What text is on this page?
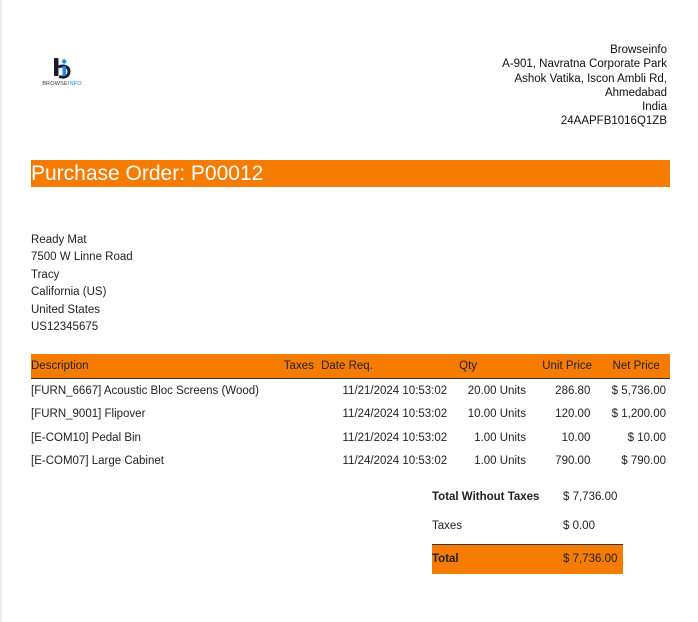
BROWSEINFO
Browseinfo
A-901, Navratna Corporate Park
Ashok Vatika, Iscon Ambli Rd,
Ahmedabad
India
24AAPFB1016Q1ZB
Purchase Order: P00012
Ready Mat
7500 W Linne Road
Tracy
California (US)
United States
US12345675
Description	Taxes	Date Req.	Qty	Unit Price	Net Price
[FURN_6667] Acoustic Bloc Screens (Wood)		11/21/2024 10:53:02	20.00 Units	286.80	$ 5,736.00
[FURN_9001] Flipover		11/24/2024 10:53:02	10.00 Units	120.00	$ 1,200.00
[E-COM10] Pedal Bin		11/21/2024 10:53:02	1.00 Units	10.00	$ 10.00
[E-COM07] Large Cabinet		11/24/2024 10:53:02	1.00 Units	790.00	$ 790.00
Total Without Taxes $ 7,736.00
Taxes	$ 0.00
Total	$ 7,736.00
